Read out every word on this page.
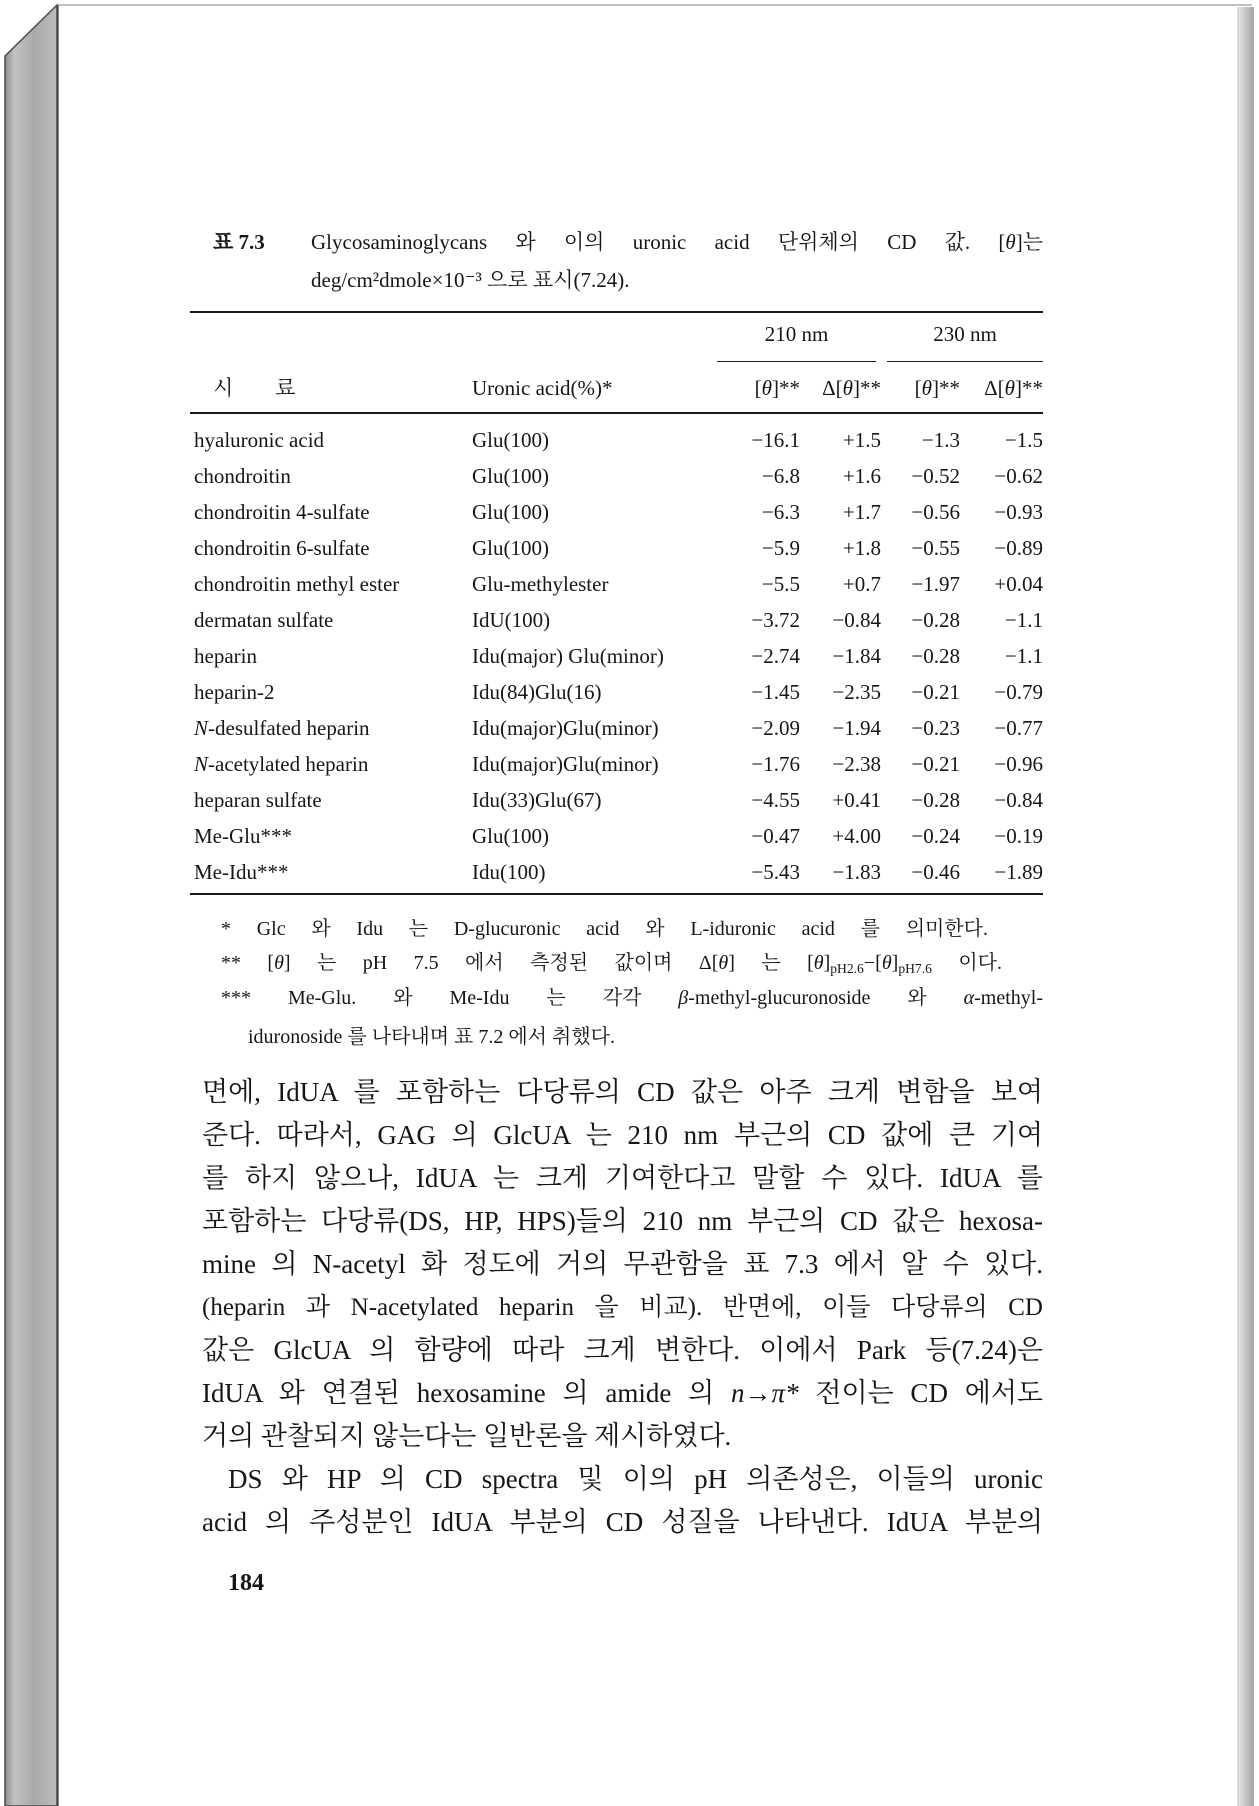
표 7.3 Glycosaminoglycans 와 이의 uronic acid 단위체의 CD 값. [θ]는
deg/cm²dmole×10⁻³ 으로 표시(7.24).
210 nm	230 nm
시　　료	Uronic acid(%)*	[θ]**	Δ[θ]**	[θ]**	Δ[θ]**
hyaluronic acid	Glu(100)	−16.1	+1.5	−1.3	−1.5
chondroitin	Glu(100)	−6.8	+1.6	−0.52	−0.62
chondroitin 4-sulfate	Glu(100)	−6.3	+1.7	−0.56	−0.93
chondroitin 6-sulfate	Glu(100)	−5.9	+1.8	−0.55	−0.89
chondroitin methyl ester	Glu-methylester	−5.5	+0.7	−1.97	+0.04
dermatan sulfate	IdU(100)	−3.72	−0.84	−0.28	−1.1
heparin	Idu(major) Glu(minor)	−2.74	−1.84	−0.28	−1.1
heparin-2	Idu(84)Glu(16)	−1.45	−2.35	−0.21	−0.79
N-desulfated heparin	Idu(major)Glu(minor)	−2.09	−1.94	−0.23	−0.77
N-acetylated heparin	Idu(major)Glu(minor)	−1.76	−2.38	−0.21	−0.96
heparan sulfate	Idu(33)Glu(67)	−4.55	+0.41	−0.28	−0.84
Me-Glu***	Glu(100)	−0.47	+4.00	−0.24	−0.19
Me-Idu***	Idu(100)	−5.43	−1.83	−0.46	−1.89
* Glc 와 Idu 는 D-glucuronic acid 와 L-iduronic acid 를 의미한다.
** [θ] 는 pH 7.5 에서 측정된 값이며 Δ[θ] 는 $[\theta]_{pH2.6}-[\theta]_{pH7.6}$ 이다.
*** Me-Glu. 와 Me-Idu 는 각각 β-methyl-glucuronoside 와 α-methyl-
iduronoside 를 나타내며 표 7.2 에서 취했다.
면에, IdUA 를 포함하는 다당류의 CD 값은 아주 크게 변함을 보여
준다. 따라서, GAG 의 GlcUA 는 210 nm 부근의 CD 값에 큰 기여
를 하지 않으나, IdUA 는 크게 기여한다고 말할 수 있다. IdUA 를
포함하는 다당류(DS, HP, HPS)들의 210 nm 부근의 CD 값은 hexosa-
mine 의 N-acetyl 화 정도에 거의 무관함을 표 7.3 에서 알 수 있다.
(heparin 과 N-acetylated heparin 을 비교). 반면에, 이들 다당류의 CD
값은 GlcUA 의 함량에 따라 크게 변한다. 이에서 Park 등(7.24)은
IdUA 와 연결된 hexosamine 의 amide 의 n→π* 전이는 CD 에서도
거의 관찰되지 않는다는 일반론을 제시하였다.
DS 와 HP 의 CD spectra 및 이의 pH 의존성은, 이들의 uronic
acid 의 주성분인 IdUA 부분의 CD 성질을 나타낸다. IdUA 부분의
184
